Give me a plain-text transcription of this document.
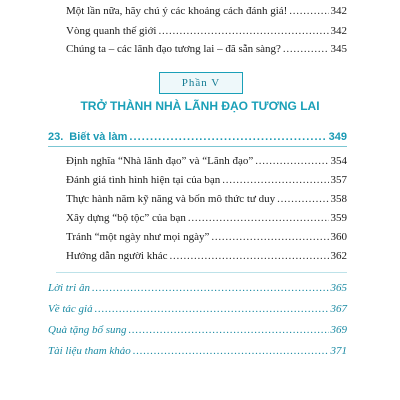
Một lần nữa, hãy chú ý các khoảng cách đánh giá! . . .	342
Vòng quanh thế giới . . .	342
Chúng ta – các lãnh đạo tương lai – đã sẵn sàng? . . .	345
Phần V
TRỞ THÀNH NHÀ LÃNH ĐẠO TƯƠNG LAI
23. Biết và làm . . .	349
Định nghĩa “Nhà lãnh đạo” và “Lãnh đạo” . . .	354
Đánh giá tình hình hiện tại của bạn . . .	357
Thực hành năm kỹ năng và bốn mô thức tư duy . . .	358
Xây dựng “bộ tộc” của bạn . . .	359
Tránh “một ngày như mọi ngày” . . .	360
Hướng dẫn người khác . . .	362
Lời tri ân . . .	365
Về tác giả . . .	367
Quà tặng bổ sung . . .	369
Tài liệu tham khảo . . .	371
